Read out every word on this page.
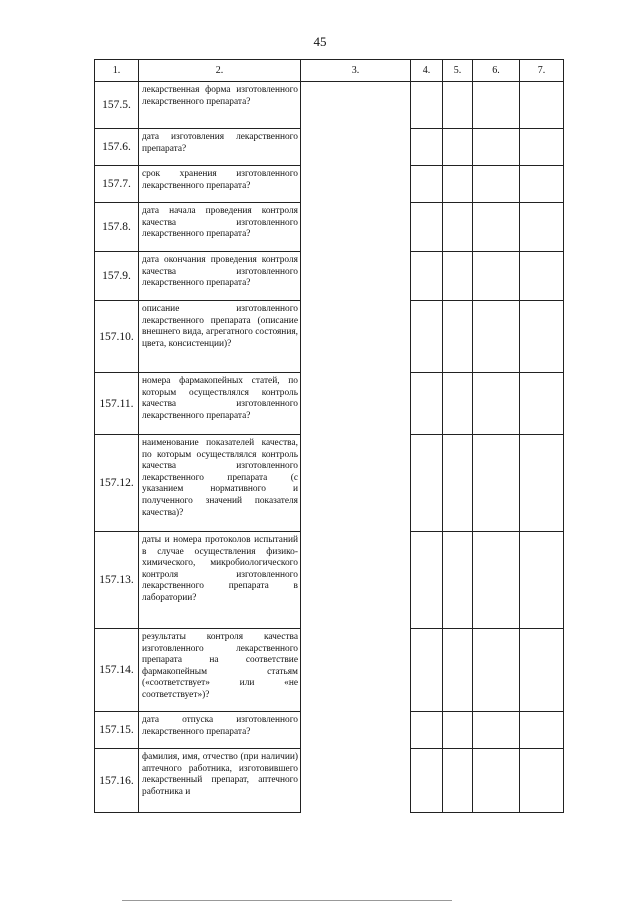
45
1.	2.	3.	4.	5.	6.	7.
157.5.	лекарственная форма изготовленного лекарственного препарата?					
157.6.	дата изготовления лекарственного препарата?					
157.7.	срок хранения изготовленного лекарственного препарата?					
157.8.	дата начала проведения контроля качества изготовленного лекарственного препарата?					
157.9.	дата окончания проведения контроля качества изготовленного лекарственного препарата?					
157.10.	описание изготовленного лекарственного препарата (описание внешнего вида, агрегатного состояния, цвета, консистенции)?					
157.11.	номера фармакопейных статей, по которым осуществлялся контроль качества изготовленного лекарственного препарата?					
157.12.	наименование показателей качества, по которым осуществлялся контроль качества изготовленного лекарственного препарата (с указанием нормативного и полученного значений показателя качества)?					
157.13.	даты и номера протоколов испытаний в случае осуществления физико-химического, микробиологического контроля изготовленного лекарственного препарата в лаборатории?					
157.14.	результаты контроля качества изготовленного лекарственного препарата на соответствие фармакопейным статьям («соответствует» или «не соответствует»)?					
157.15.	дата отпуска изготовленного лекарственного препарата?					
157.16.	фамилия, имя, отчество (при наличии) аптечного работника, изготовившего лекарственный препарат, аптечного работника и					
